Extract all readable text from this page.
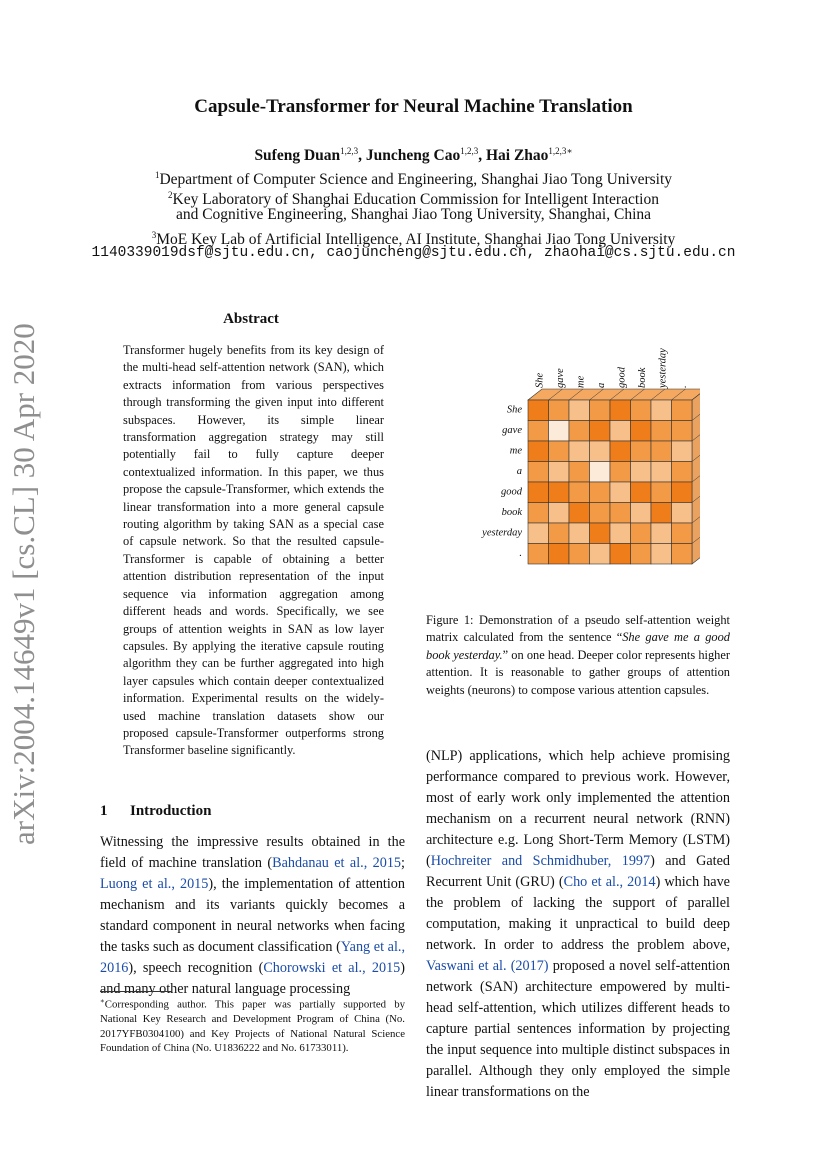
Capsule-Transformer for Neural Machine Translation
Sufeng Duan$^{1,2,3}$, Juncheng Cao$^{1,2,3}$, Hai Zhao$^{1,2,3∗}$
$^1$Department of Computer Science and Engineering, Shanghai Jiao Tong University
$^2$Key Laboratory of Shanghai Education Commission for Intelligent Interaction
and Cognitive Engineering, Shanghai Jiao Tong University, Shanghai, China
$^3$MoE Key Lab of Artificial Intelligence, AI Institute, Shanghai Jiao Tong University
1140339019dsf@sjtu.edu.cn, caojuncheng@sjtu.edu.cn, zhaohai@cs.sjtu.edu.cn
arXiv:2004.14649v1 [cs.CL] 30 Apr 2020
Abstract
Transformer hugely benefits from its key design of the multi-head self-attention network (SAN), which extracts information from various perspectives through transforming the given input into different subspaces. However, its simple linear transformation aggregation strategy may still potentially fail to fully capture deeper contextualized information. In this paper, we thus propose the capsule-Transformer, which extends the linear transformation into a more general capsule routing algorithm by taking SAN as a special case of capsule network. So that the resulted capsule-Transformer is capable of obtaining a better attention distribution representation of the input sequence via information aggregation among different heads and words. Specifically, we see groups of attention weights in SAN as low layer capsules. By applying the iterative capsule routing algorithm they can be further aggregated into high layer capsules which contain deeper contextualized information. Experimental results on the widely-used machine translation datasets show our proposed capsule-Transformer outperforms strong Transformer baseline significantly.
1 Introduction
Witnessing the impressive results obtained in the field of machine translation (Bahdanau et al., 2015; Luong et al., 2015), the implementation of attention mechanism and its variants quickly becomes a standard component in neural networks when facing the tasks such as document classification (Yang et al., 2016), speech recognition (Chorowski et al., 2015) and many other natural language processing
∗Corresponding author. This paper was partially supported by National Key Research and Development Program of China (No. 2017YFB0304100) and Key Projects of National Natural Science Foundation of China (No. U1836222 and No. 61733011).
She
gave
me
a
good
book
yesterday
.
She gave me a good book yesterday .
Figure 1: Demonstration of a pseudo self-attention weight matrix calculated from the sentence “She gave me a good book yesterday.” on one head. Deeper color represents higher attention. It is reasonable to gather groups of attention weights (neurons) to compose various attention capsules.
(NLP) applications, which help achieve promising performance compared to previous work. However, most of early work only implemented the attention mechanism on a recurrent neural network (RNN) architecture e.g. Long Short-Term Memory (LSTM) (Hochreiter and Schmidhuber, 1997) and Gated Recurrent Unit (GRU) (Cho et al., 2014) which have the problem of lacking the support of parallel computation, making it unpractical to build deep network. In order to address the problem above, Vaswani et al. (2017) proposed a novel self-attention network (SAN) architecture empowered by multi-head self-attention, which utilizes different heads to capture partial sentences information by projecting the input sequence into multiple distinct subspaces in parallel. Although they only employed the simple linear transformations on the
